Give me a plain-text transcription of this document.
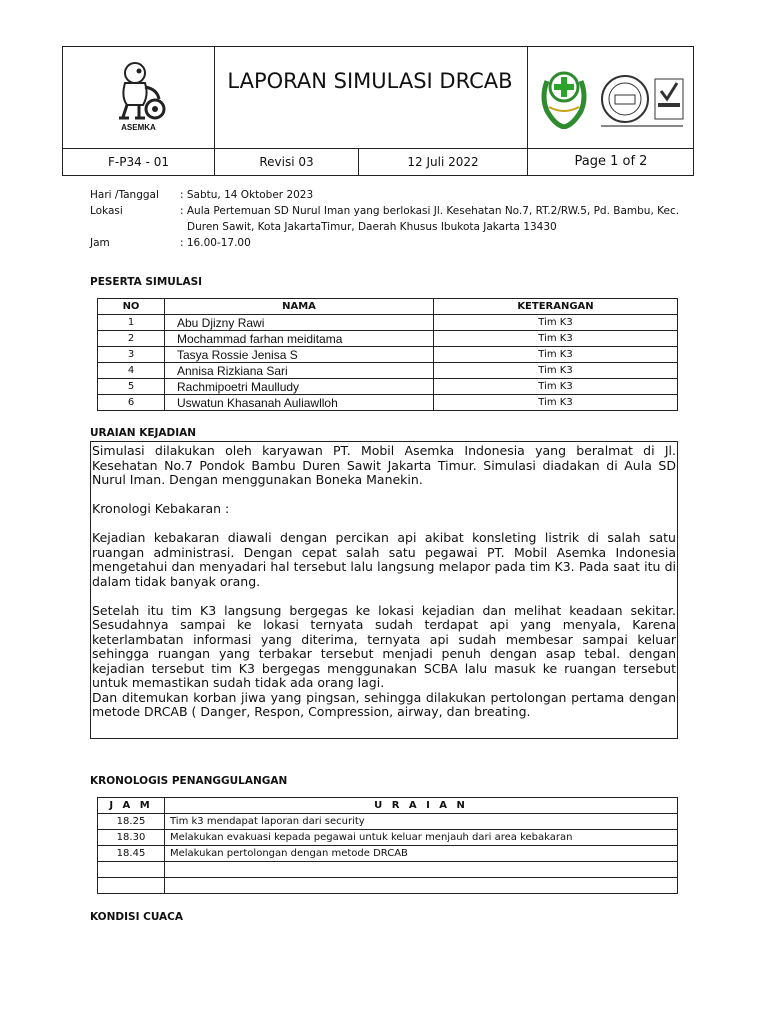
ASEMKA
LAPORAN SIMULASI DRCAB
F-P34 - 01	Revisi 03	12 Juli 2022	Page 1 of 2
Hari /Tanggal : Sabtu, 14 Oktober 2023
Lokasi	: Aula Pertemuan SD Nurul Iman yang berlokasi Jl. Kesehatan No.7, RT.2/RW.5, Pd. Bambu, Kec.
Duren Sawit, Kota JakartaTimur, Daerah Khusus Ibukota Jakarta 13430
Jam	: 16.00-17.00
PESERTA SIMULASI
NO	NAMA	KETERANGAN
1	Abu Djizny Rawi	Tim K3
2	Mochammad farhan meiditama	Tim K3
3	Tasya Rossie Jenisa S	Tim K3
4	Annisa Rizkiana Sari	Tim K3
5	Rachmipoetri Maulludy	Tim K3
6	Uswatun Khasanah Auliawlloh	Tim K3
URAIAN KEJADIAN

Simulasi dilakukan oleh karyawan PT. Mobil Asemka Indonesia yang beralmat di Jl. Kesehatan No.7 Pondok Bambu Duren Sawit Jakarta Timur. Simulasi diadakan di Aula SD Nurul Iman. Dengan menggunakan Boneka Manekin.

Kronologi Kebakaran :

Kejadian kebakaran diawali dengan percikan api akibat konsleting listrik di salah satu ruangan administrasi. Dengan cepat salah satu pegawai PT. Mobil Asemka Indonesia mengetahui dan menyadari hal tersebut lalu langsung melapor pada tim K3. Pada saat itu di dalam tidak banyak orang.

Setelah itu tim K3 langsung bergegas ke lokasi kejadian dan melihat keadaan sekitar. Sesudahnya sampai ke lokasi ternyata sudah terdapat api yang menyala, Karena keterlambatan informasi yang diterima, ternyata api sudah membesar sampai keluar sehingga ruangan yang terbakar tersebut menjadi penuh dengan asap tebal. dengan kejadian tersebut tim K3 bergegas menggunakan SCBA lalu masuk ke ruangan tersebut untuk memastikan sudah tidak ada orang lagi.

Dan ditemukan korban jiwa yang pingsan, sehingga dilakukan pertolongan pertama dengan metode DRCAB ( Danger, Respon, Compression, airway, dan breating.

KRONOLOGIS PENANGGULANGAN
J A M	U R A I A N
18.25	Tim k3 mendapat laporan dari security
18.30	Melakukan evakuasi kepada pegawai untuk keluar menjauh dari area kebakaran
18.45	Melakukan pertolongan dengan metode DRCAB

KONDISI CUACA
